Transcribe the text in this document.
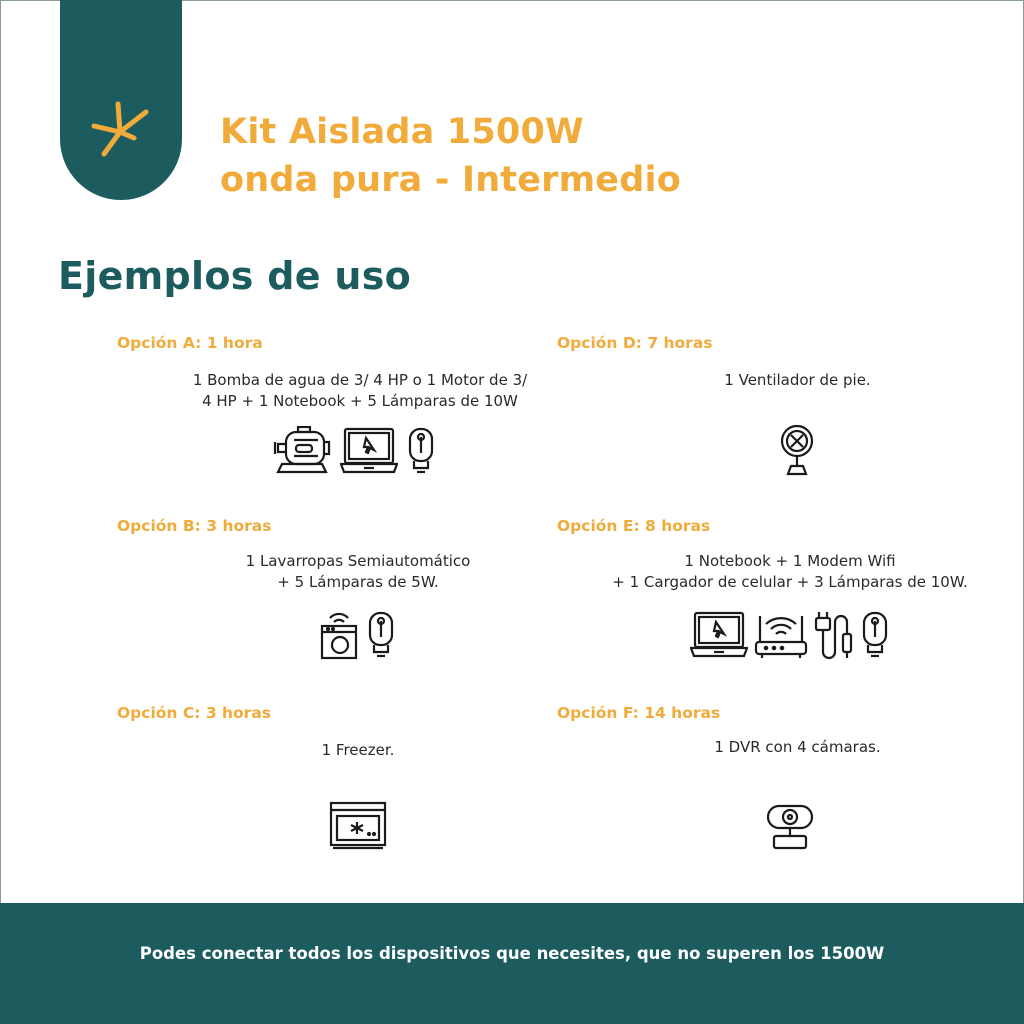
Kit Aislada 1500W
onda pura - Intermedio
Ejemplos de uso
Opción A: 1 hora
1 Bomba de agua de 3/ 4 HP o 1 Motor de 3/
4 HP + 1 Notebook + 5 Lámparas de 10W
Opción B: 3 horas
1 Lavarropas Semiautomático
+ 5 Lámparas de 5W.
Opción C: 3 horas
1 Freezer.
Opción D: 7 horas
1 Ventilador de pie.
Opción E: 8 horas
1 Notebook + 1 Modem Wifi
+ 1 Cargador de celular + 3 Lámparas de 10W.
Opción F: 14 horas
1 DVR con 4 cámaras.
Podes conectar todos los dispositivos que necesites, que no superen los 1500W
